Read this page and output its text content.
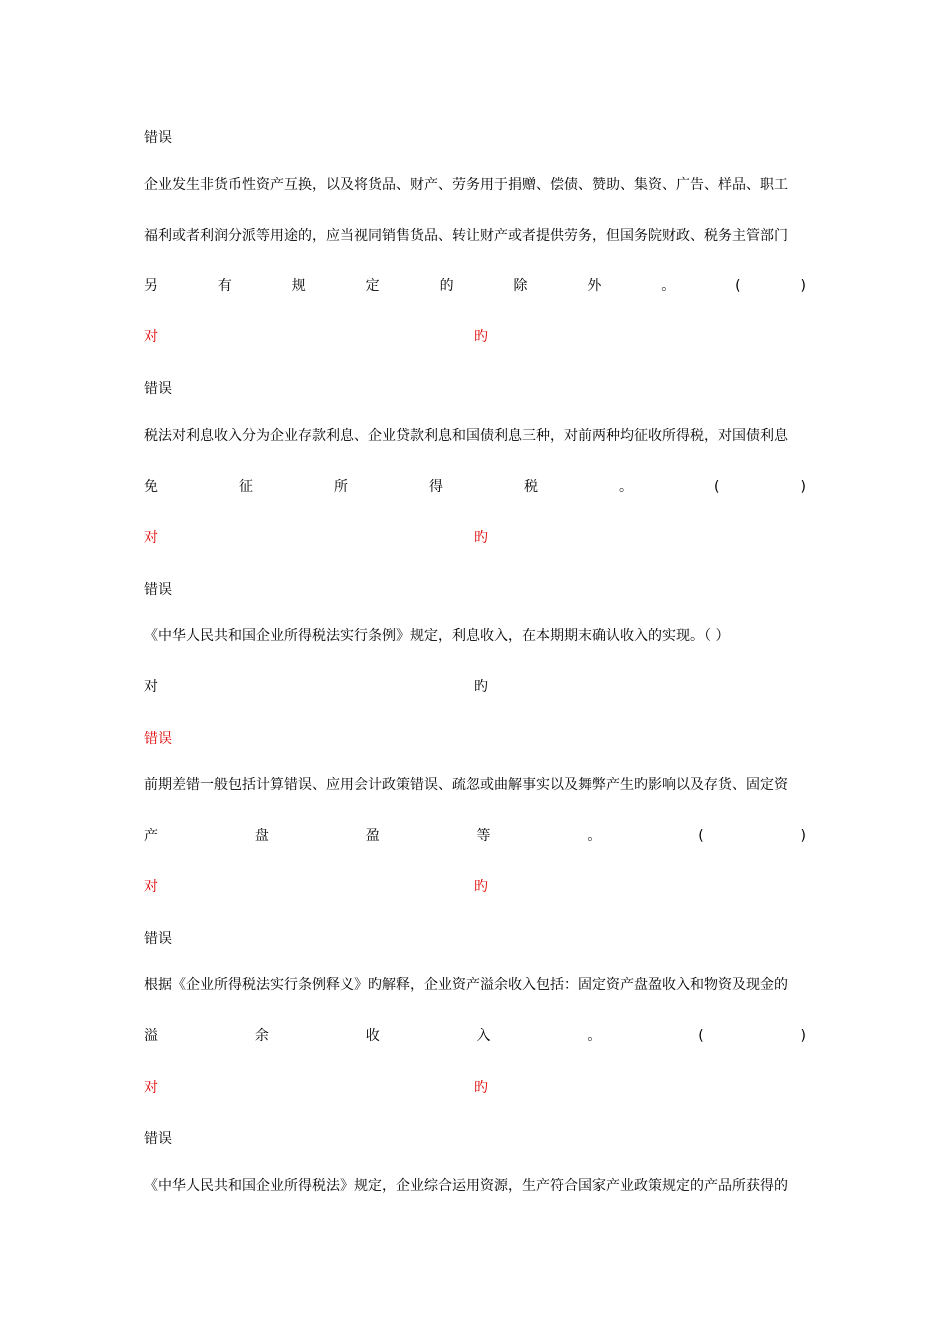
错误
企业发生非货币性资产互换，以及将货品、财产、劳务用于捐赠、偿债、赞助、集资、广告、样品、职工
福利或者利润分派等用途的，应当视同销售货品、转让财产或者提供劳务，但国务院财政、税务主管部门
另	有	规	定	的	除	外	。	(	)
对	旳
错误
税法对利息收入分为企业存款利息、企业贷款利息和国债利息三种，对前两种均征收所得税，对国债利息
免	征	所	得	税	。	(	)
对	旳
错误
《中华人民共和国企业所得税法实行条例》规定，利息收入，在本期期末确认收入的实现。（ ）
对	旳
错误
前期差错一般包括计算错误、应用会计政策错误、疏忽或曲解事实以及舞弊产生旳影响以及存货、固定资
产	盘	盈	等	。	(	)
对	旳
错误
根据《企业所得税法实行条例释义》旳解释，企业资产溢余收入包括：固定资产盘盈收入和物资及现金的
溢	余	收	入	。	(	)
对	旳
错误
《中华人民共和国企业所得税法》规定，企业综合运用资源，生产符合国家产业政策规定的产品所获得的
